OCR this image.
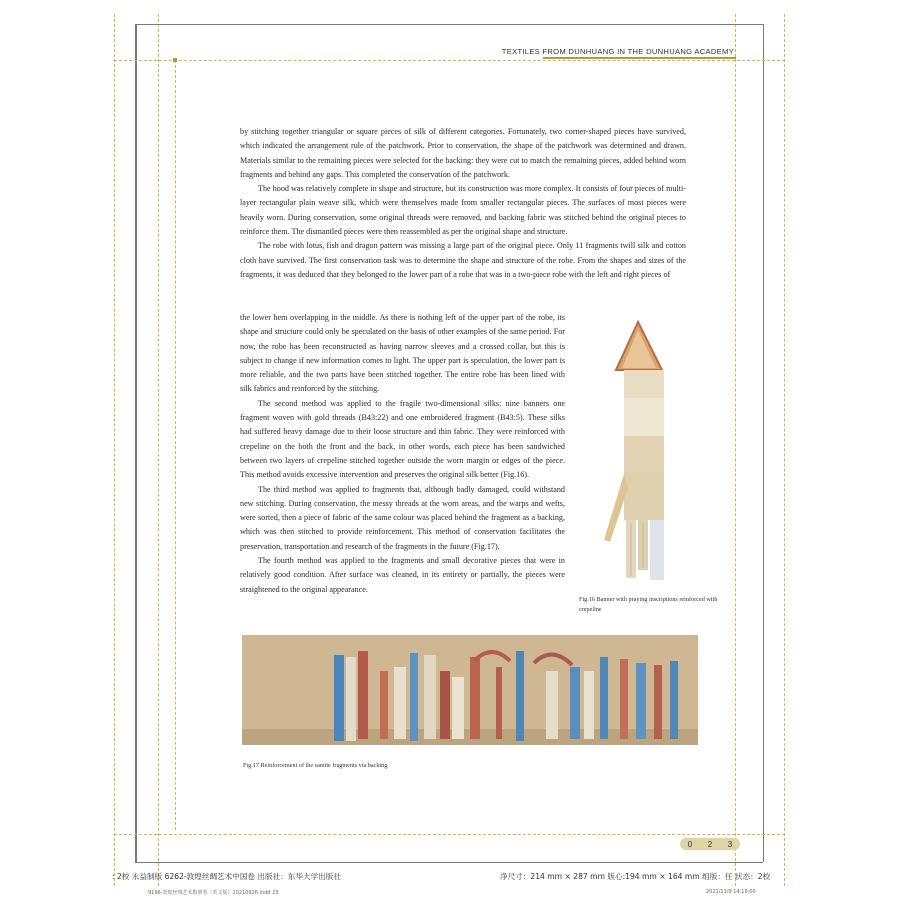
TEXTILES FROM DUNHUANG IN THE DUNHUANG ACADEMY

by stitching together triangular or square pieces of silk of different categories. Fortunately, two corner-shaped pieces have survived, which indicated the arrangement rule of the patchwork. Prior to conservation, the shape of the patchwork was determined and drawn. Materials similar to the remaining pieces were selected for the backing: they were cut to match the remaining pieces, added behind worn fragments and behind any gaps. This completed the conservation of the patchwork.

The hood was relatively complete in shape and structure, but its construction was more complex. It consists of four pieces of multi-layer rectangular plain weave silk, which were themselves made from smaller rectangular pieces. The surfaces of most pieces were heavily worn. During conservation, some original threads were removed, and backing fabric was stitched behind the original pieces to reinforce them. The dismantled pieces were then reassembled as per the original shape and structure.

The robe with lotus, fish and dragon pattern was missing a large part of the original piece. Only 11 fragments twill silk and cotton cloth have survived. The first conservation task was to determine the shape and structure of the robe. From the shapes and sizes of the fragments, it was deduced that they belonged to the lower part of a robe that was in a two-piece robe with the left and right pieces of

the lower hem overlapping in the middle. As there is nothing left of the upper part of the robe, its shape and structure could only be speculated on the basis of other examples of the same period. For now, the robe has been reconstructed as having narrow sleeves and a crossed collar, but this is subject to change if new information comes to light. The upper part is speculation, the lower part is more reliable, and the two parts have been stitched together. The entire robe has been lined with silk fabrics and reinforced by the stitching.

The second method was applied to the fragile two-dimensional silks: nine banners one fragment woven with gold threads (B43:22) and one embroidered fragment (B43:5). These silks had suffered heavy damage due to their loose structure and thin fabric. They were reinforced with crepeline on the both the front and the back, in other words, each piece has been sandwiched between two layers of crepeline stitched together outside the worn margin or edges of the piece. This method avoids excessive intervention and preserves the original silk better (Fig.16).

The third method was applied to fragments that, although badly damaged, could withstand new stitching. During conservation, the messy threads at the worn areas, and the warps and wefts, were sorted, then a piece of fabric of the same colour was placed behind the fragment as a backing, which was then stitched to provide reinforcement. This method of conservation facilitates the preservation, transportation and research of the fragments in the future (Fig.17).

The fourth method was applied to the fragments and small decorative pieces that were in relatively good condition. After surface was cleaned, in its entirety or partially, the pieces were straightened to the original appearance.

Fig.16 Banner with praying inscriptions reinforced with crepeline
Fig.17 Reinforcement of the samite fragments via backing
0 2 3
: 2校 永益制版 6262-敦煌丝绸艺术中国卷 出版社：东华大学出版社	净尺寸：214 mm × 287 mm 版心:194 mm × 164 mm 组版：任 状态：2校
9196-敦煌丝绸艺术数册卷（英文版）20210926.indd 23	2021/11/9 14:19:00
